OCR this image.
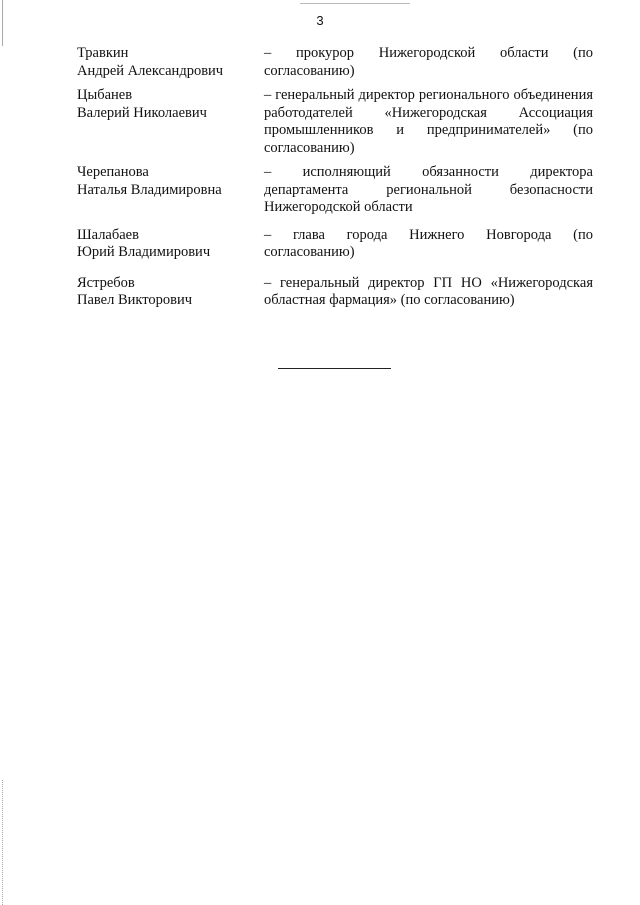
3
Травкин
Андрей Александрович
– прокурор Нижегородской области (по согласованию)
Цыбанев
Валерий Николаевич
– генеральный директор регионального объединения работодателей «Нижегородская Ассоциация промышленников и предпринимателей» (по согласованию)
Черепанова
Наталья Владимировна
– исполняющий обязанности директора департамента региональной безопасности Нижегородской области
Шалабаев
Юрий Владимирович
– глава города Нижнего Новгорода (по согласованию)
Ястребов
Павел Викторович
– генеральный директор ГП НО «Нижегородская областная фармация» (по согласованию)
